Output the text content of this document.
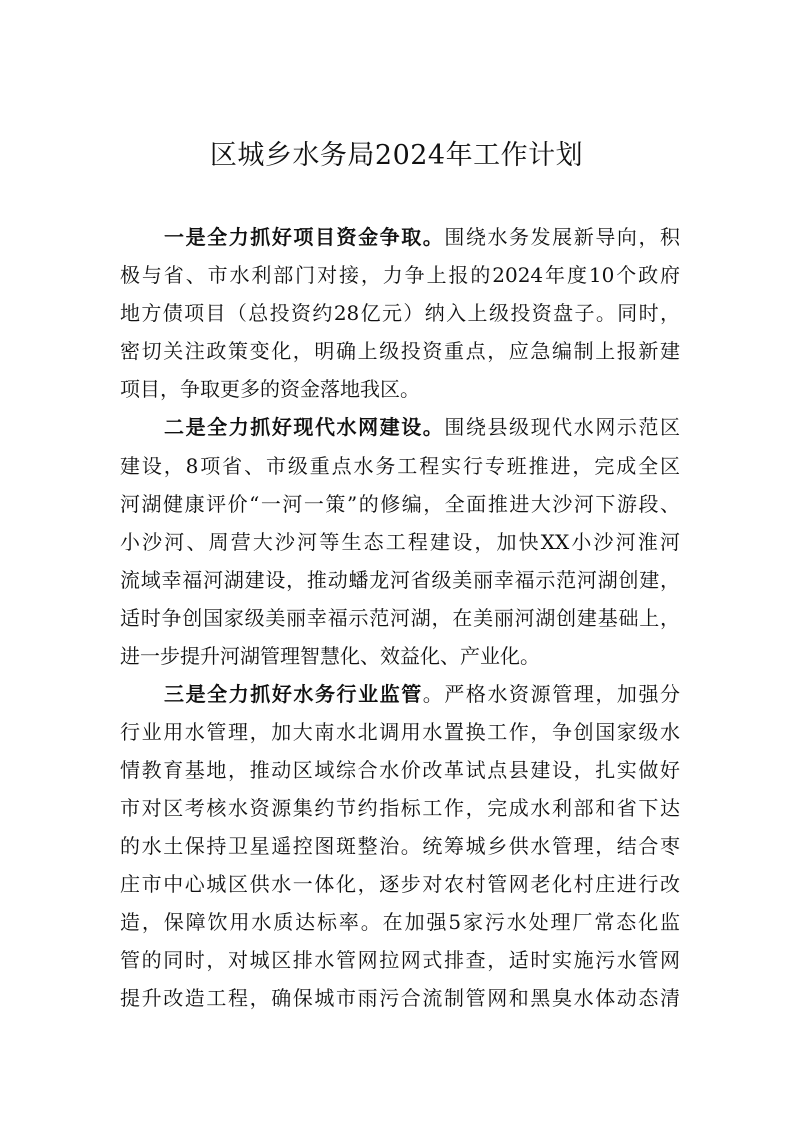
区城乡水务局2024年工作计划
一是全力抓好项目资金争取。围绕水务发展新导向，积
极与省、市水利部门对接，力争上报的2024年度10个政府
地方债项目（总投资约28亿元）纳入上级投资盘子。同时，
密切关注政策变化，明确上级投资重点，应急编制上报新建
项目，争取更多的资金落地我区。
二是全力抓好现代水网建设。围绕县级现代水网示范区
建设，8项省、市级重点水务工程实行专班推进，完成全区
河湖健康评价“一河一策”的修编，全面推进大沙河下游段、
小沙河、周营大沙河等生态工程建设，加快XX小沙河淮河
流域幸福河湖建设，推动蟠龙河省级美丽幸福示范河湖创建，
适时争创国家级美丽幸福示范河湖，在美丽河湖创建基础上，
进一步提升河湖管理智慧化、效益化、产业化。
三是全力抓好水务行业监管。严格水资源管理，加强分
行业用水管理，加大南水北调用水置换工作，争创国家级水
情教育基地，推动区域综合水价改革试点县建设，扎实做好
市对区考核水资源集约节约指标工作，完成水利部和省下达
的水土保持卫星遥控图斑整治。统筹城乡供水管理，结合枣
庄市中心城区供水一体化，逐步对农村管网老化村庄进行改
造，保障饮用水质达标率。在加强5家污水处理厂常态化监
管的同时，对城区排水管网拉网式排查，适时实施污水管网
提升改造工程，确保城市雨污合流制管网和黑臭水体动态清
